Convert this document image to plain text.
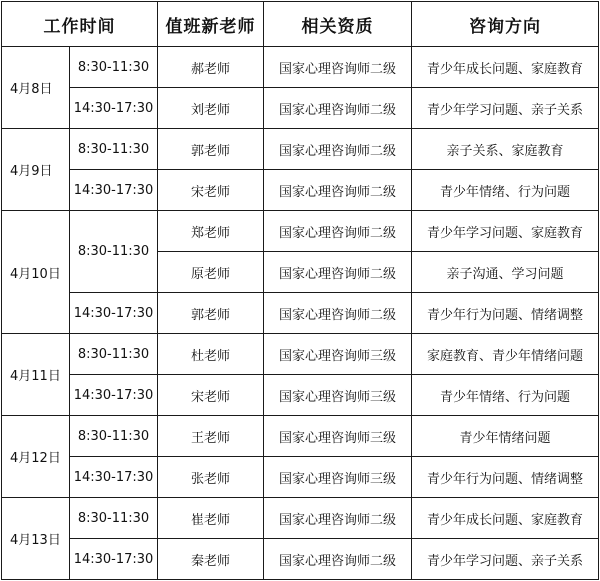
工作时间		值班新老师	相关资质	咨询方向
4月8日	8:30-11:30	郝老师	国家心理咨询师二级	青少年成长问题、家庭教育
	14:30-17:30	刘老师	国家心理咨询师二级	青少年学习问题、亲子关系
4月9日	8:30-11:30	郭老师	国家心理咨询师二级	亲子关系、家庭教育
	14:30-17:30	宋老师	国家心理咨询师二级	青少年情绪、行为问题
4月10日	8:30-11:30	郑老师	国家心理咨询师二级	青少年学习问题、家庭教育
		原老师	国家心理咨询师二级	亲子沟通、学习问题
	14:30-17:30	郭老师	国家心理咨询师二级	青少年行为问题、情绪调整
4月11日	8:30-11:30	杜老师	国家心理咨询师三级	家庭教育、青少年情绪问题
	14:30-17:30	宋老师	国家心理咨询师三级	青少年情绪、行为问题
4月12日	8:30-11:30	王老师	国家心理咨询师三级	青少年情绪问题
	14:30-17:30	张老师	国家心理咨询师三级	青少年行为问题、情绪调整
4月13日	8:30-11:30	崔老师	国家心理咨询师二级	青少年成长问题、家庭教育
	14:30-17:30	秦老师	国家心理咨询师二级	青少年学习问题、亲子关系
